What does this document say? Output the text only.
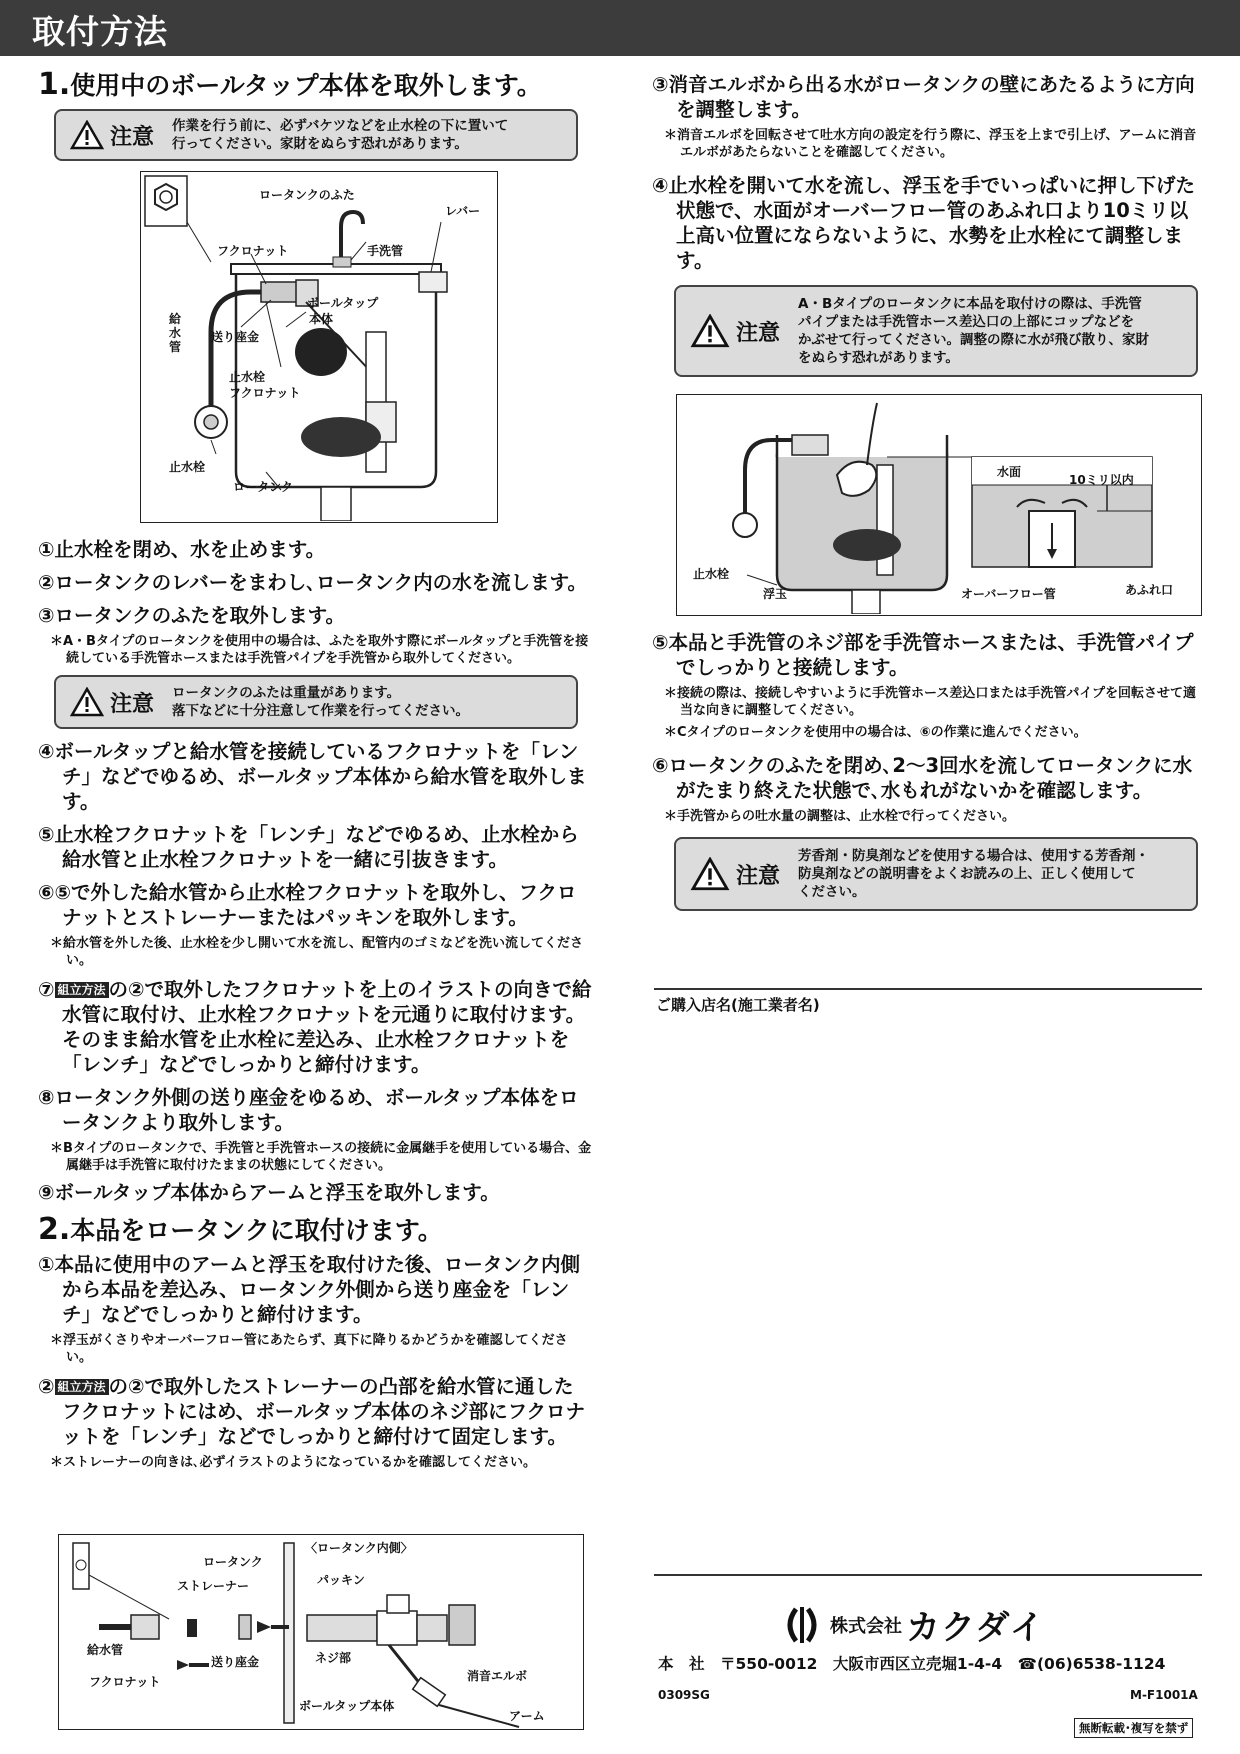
取付方法
1.使用中のボールタップ本体を取外します。
注意 作業を行う前に、必ずバケツなどを止水栓の下に置いて
行ってください。家財をぬらす恐れがあります。
ロータンクのふた
レバー
フクロナット	手洗管
ボールタップ
本体
給水管
送り座金
止水栓
フクロナット
止水栓
ロータンク
①止水栓を閉め、水を止めます。
②ロータンクのレバーをまわし､ロータンク内の水を流します。
③ロータンクのふたを取外します。
＊A・Bタイプのロータンクを使用中の場合は、ふたを取外す際にボールタップと手洗管を接続している手洗管ホースまたは手洗管パイプを手洗管から取外してください。
注意 ロータンクのふたは重量があります。
落下などに十分注意して作業を行ってください。
④ボールタップと給水管を接続しているフクロナットを「レンチ」などでゆるめ、ボールタップ本体から給水管を取外します。
⑤止水栓フクロナットを「レンチ」などでゆるめ、止水栓から給水管と止水栓フクロナットを一緒に引抜きます。
⑥⑤で外した給水管から止水栓フクロナットを取外し、フクロナットとストレーナーまたはパッキンを取外します。
＊給水管を外した後、止水栓を少し開いて水を流し、配管内のゴミなどを洗い流してください。
⑦ 組立方法 の②で取外したフクロナットを上のイラストの向きで給水管に取付け、止水栓フクロナットを元通りに取付けます。そのまま給水管を止水栓に差込み、止水栓フクロナットを「レンチ」などでしっかりと締付けます。
⑧ロータンク外側の送り座金をゆるめ、ボールタップ本体をロータンクより取外します。
＊Bタイプのロータンクで、手洗管と手洗管ホースの接続に金属継手を使用している場合、金属継手は手洗管に取付けたままの状態にしてください。
⑨ボールタップ本体からアームと浮玉を取外します。
2.本品をロータンクに取付けます。
①本品に使用中のアームと浮玉を取付けた後、ロータンク内側から本品を差込み、ロータンク外側から送り座金を「レンチ」などでしっかりと締付けます。
＊浮玉がくさりやオーバーフロー管にあたらず、真下に降りるかどうかを確認してください。
② 組立方法 の②で取外したストレーナーの凸部を給水管に通したフクロナットにはめ、ボールタップ本体のネジ部にフクロナットを「レンチ」などでしっかりと締付けて固定します。
＊ストレーナーの向きは､必ずイラストのようになっているかを確認してください。
ロータンク
〈ロータンク内側〉
ストレーナー	パッキン
給水管
送り座金	ネジ部
フクロナット	消音エルボ
ボールタップ本体
アーム
③消音エルボから出る水がロータンクの壁にあたるように方向を調整します。
＊消音エルボを回転させて吐水方向の設定を行う際に、浮玉を上まで引上げ、アームに消音エルボがあたらないことを確認してください。
④止水栓を開いて水を流し、浮玉を手でいっぱいに押し下げた状態で、水面がオーバーフロー管のあふれ口より10ミリ以上高い位置にならないように、水勢を止水栓にて調整します。
注意
A・Bタイプのロータンクに本品を取付けの際は、手洗管
パイプまたは手洗管ホース差込口の上部にコップなどを
かぶせて行ってください。調整の際に水が飛び散り、家財
をぬらす恐れがあります。
水面
10ミリ以内
止水栓
浮玉	オーバーフロー管	あふれ口
⑤本品と手洗管のネジ部を手洗管ホースまたは、手洗管パイプでしっかりと接続します。
＊接続の際は、接続しやすいように手洗管ホース差込口または手洗管パイプを回転させて適当な向きに調整してください。
＊Cタイプのロータンクを使用中の場合は、⑥の作業に進んでください。
⑥ロータンクのふたを閉め､2〜3回水を流してロータンクに水がたまり終えた状態で､水もれがないかを確認します。
＊手洗管からの吐水量の調整は、止水栓で行ってください。
注意
芳香剤・防臭剤などを使用する場合は、使用する芳香剤・
防臭剤などの説明書をよくお読みの上、正しく使用して
ください。
ご購入店名(施工業者名)
株式会社 カクダイ
本　社　〒550-0012　大阪市西区立売堀1-4-4　☎(06)6538-1124
0309SG	M-F1001A
無断転載･複写を禁ず
